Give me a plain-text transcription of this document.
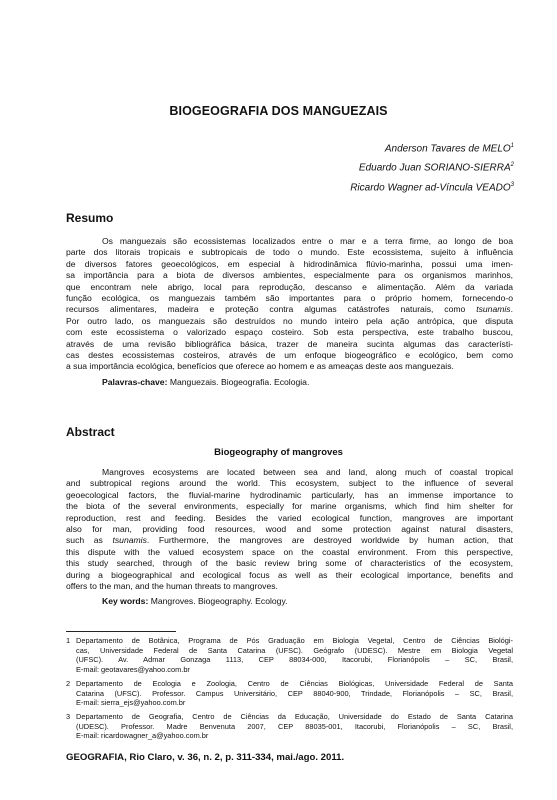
BIOGEOGRAFIA DOS MANGUEZAIS
Anderson Tavares de MELO$^1$
Eduardo Juan SORIANO-SIERRA$^2$
Ricardo Wagner ad-Víncula VEADO$^3$
Resumo
Os manguezais são ecossistemas localizados entre o mar e a terra firme, ao longo de boa
parte dos litorais tropicais e subtropicais de todo o mundo. Este ecossistema, sujeito à influência
de diversos fatores geoecológicos, em especial à hidrodinâmica flúvio-marinha, possui uma imen-
sa importância para a biota de diversos ambientes, especialmente para os organismos marinhos,
que encontram nele abrigo, local para reprodução, descanso e alimentação. Além da variada
função ecológica, os manguezais também são importantes para o próprio homem, fornecendo-o
recursos alimentares, madeira e proteção contra algumas catástrofes naturais, como tsunamis.
Por outro lado, os manguezais são destruídos no mundo inteiro pela ação antrópica, que disputa
com este ecossistema o valorizado espaço costeiro. Sob esta perspectiva, este trabalho buscou,
através de uma revisão bibliográfica básica, trazer de maneira sucinta algumas das característi-
cas destes ecossistemas costeiros, através de um enfoque biogeográfico e ecológico, bem como
a sua importância ecológica, benefícios que oferece ao homem e as ameaças deste aos manguezais.
Palavras-chave: Manguezais. Biogeografia. Ecologia.
Abstract
Biogeography of mangroves
Mangroves ecosystems are located between sea and land, along much of coastal tropical
and subtropical regions around the world. This ecosystem, subject to the influence of several
geoecological factors, the fluvial-marine hydrodinamic particularly, has an immense importance to
the biota of the several environments, especially for marine organisms, which find him shelter for
reproduction, rest and feeding. Besides the varied ecological function, mangroves are important
also for man, providing food resources, wood and some protection against natural disasters,
such as tsunamis. Furthermore, the mangroves are destroyed worldwide by human action, that
this dispute with the valued ecosystem space on the coastal environment. From this perspective,
this study searched, through of the basic review bring some of characteristics of the ecosystem,
during a biogeographical and ecological focus as well as their ecological importance, benefits and
offers to the man, and the human threats to mangroves.
Key words: Mangroves. Biogeography. Ecology.
1 Departamento de Botânica, Programa de Pós Graduação em Biologia Vegetal, Centro de Ciências Biológi-
cas, Universidade Federal de Santa Catarina (UFSC). Geógrafo (UDESC). Mestre em Biologia Vegetal
(UFSC). Av. Admar Gonzaga 1113, CEP 88034-000, Itacorubi, Florianópolis – SC, Brasil,
E-mail: geotavares@yahoo.com.br
2 Departamento de Ecologia e Zoologia, Centro de Ciências Biológicas, Universidade Federal de Santa
Catarina (UFSC). Professor. Campus Universitário, CEP 88040-900, Trindade, Florianópolis – SC, Brasil,
E-mail: sierra_ejs@yahoo.com.br
3 Departamento de Geografia, Centro de Ciências da Educação, Universidade do Estado de Santa Catarina
(UDESC). Professor. Madre Benvenuta 2007, CEP 88035-001, Itacorubi, Florianópolis – SC, Brasil,
E-mail: ricardowagner_a@yahoo.com.br
GEOGRAFIA, Rio Claro, v. 36, n. 2, p. 311-334, mai./ago. 2011.
